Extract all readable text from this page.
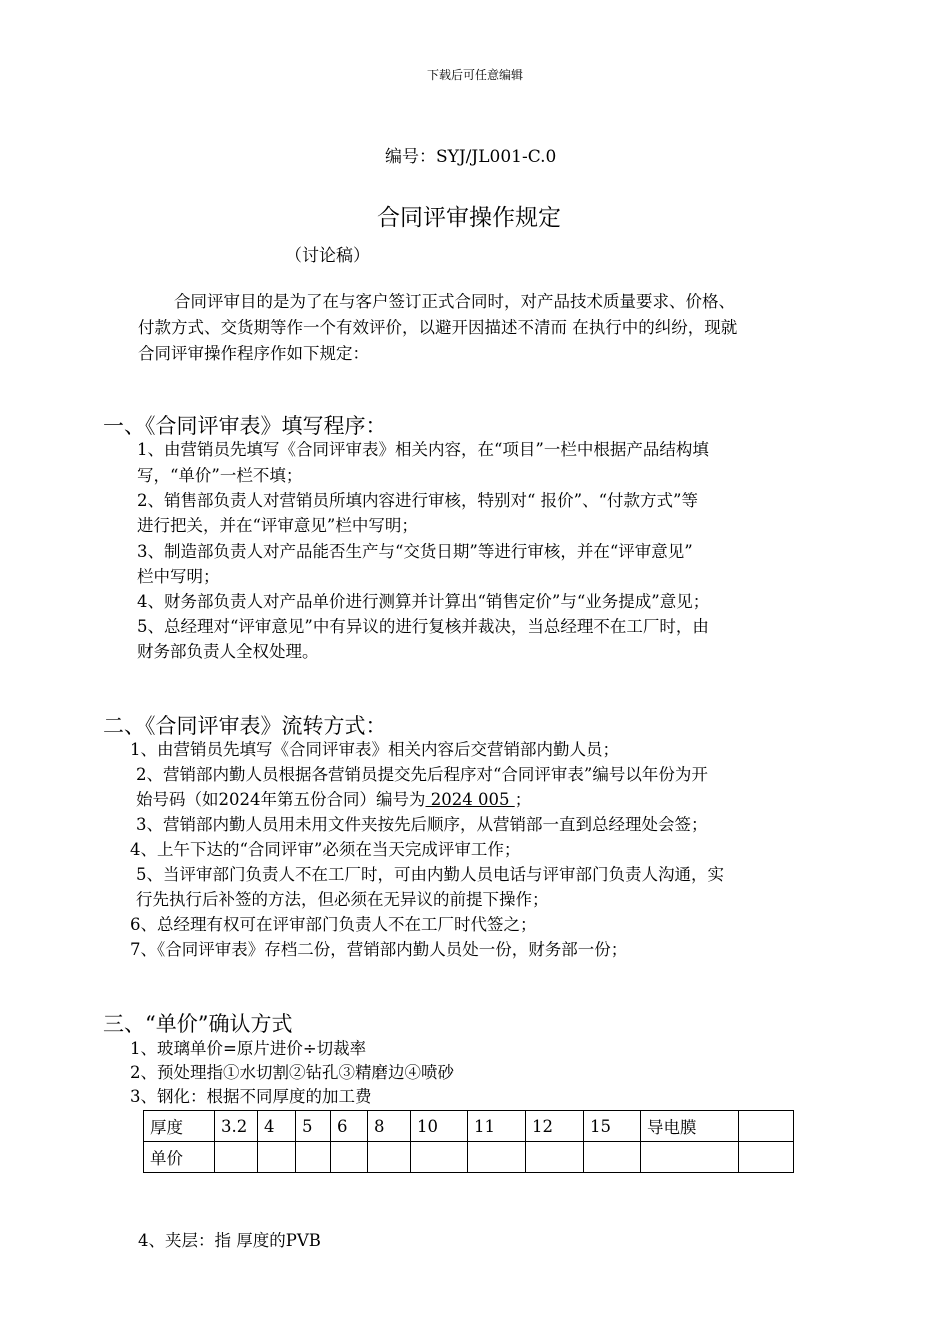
下载后可任意编辑
编号：SYJ/JL001-C.0
合同评审操作规定
（讨论稿）
合同评审目的是为了在与客户签订正式合同时，对产品技术质量要求、价格、
付款方式、交货期等作一个有效评价，以避开因描述不清而 在执行中的纠纷，现就
合同评审操作程序作如下规定：
一、《合同评审表》填写程序：
1、由营销员先填写《合同评审表》相关内容，在“项目”一栏中根据产品结构填
写，“单价”一栏不填；
2、销售部负责人对营销员所填内容进行审核，特别对“ 报价”、“付款方式”等
进行把关，并在“评审意见”栏中写明；
3、制造部负责人对产品能否生产与“交货日期”等进行审核，并在“评审意见”
栏中写明；
4、财务部负责人对产品单价进行测算并计算出“销售定价”与“业务提成”意见；
5、总经理对“评审意见”中有异议的进行复核并裁决，当总经理不在工厂时，由
财务部负责人全权处理。
二、《合同评审表》流转方式：
1、由营销员先填写《合同评审表》相关内容后交营销部内勤人员；
2、营销部内勤人员根据各营销员提交先后程序对“合同评审表”编号以年份为开
始号码（如2024年第五份合同）编号为 2024 005 ；
3、营销部内勤人员用未用文件夹按先后顺序，从营销部一直到总经理处会签；
4、上午下达的“合同评审”必须在当天完成评审工作；
5、当评审部门负责人不在工厂时，可由内勤人员电话与评审部门负责人沟通，实
行先执行后补签的方法，但必须在无异议的前提下操作；
6、总经理有权可在评审部门负责人不在工厂时代签之；
7、《合同评审表》存档二份，营销部内勤人员处一份，财务部一份；
三、“单价”确认方式
1、玻璃单价=原片进价÷切裁率
2、预处理指①水切割②钻孔③精磨边④喷砂
3、钢化：根据不同厚度的加工费
厚度	3.2	4	5	6	8	10	11	12	15	导电膜	
单价											
4、夹层：指 厚度的PVB
